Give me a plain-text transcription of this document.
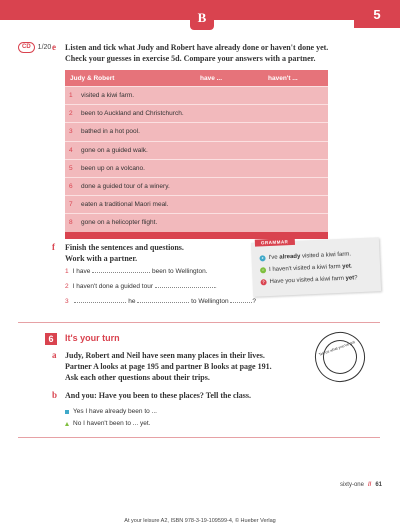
B	5
CD	1/20 e Listen and tick what Judy and Robert have already done or haven't done yet.
Check your guesses in exercise 5d. Compare your answers with a partner.
Judy & Robert	have ...	haven't ...
1	visited a kiwi farm.
2	been to Auckland and Christchurch.
3	bathed in a hot pool.
4	gone on a guided walk.
5	been up on a volcano.
6	done a guided tour of a winery.
7	eaten a traditional Maori meal.
8	gone on a helicopter flight.
f Finish the sentences and questions.
Work with a partner.
1 I have	been to Wellington.
2 I haven't done a guided tour	.
3	he	to Wellington	?
GRAMMAR
+ I've already visited a kiwi farm.
− I haven't visited a kiwi farm yet.
? Have you visited a kiwi farm yet?
6	It's your turn
a Judy, Robert and Neil have seen many places in their lives.
Partner A looks at page 195 and partner B looks at page 191.
Ask each other questions about their trips.
Tell us what you've got
b And you: Have you been to these places? Tell the class.
Yes I have already been to ...
No I haven't been to ... yet.
sixty-one // 61
At your leisure A2, ISBN 978-3-19-109599-4, © Hueber Verlag
